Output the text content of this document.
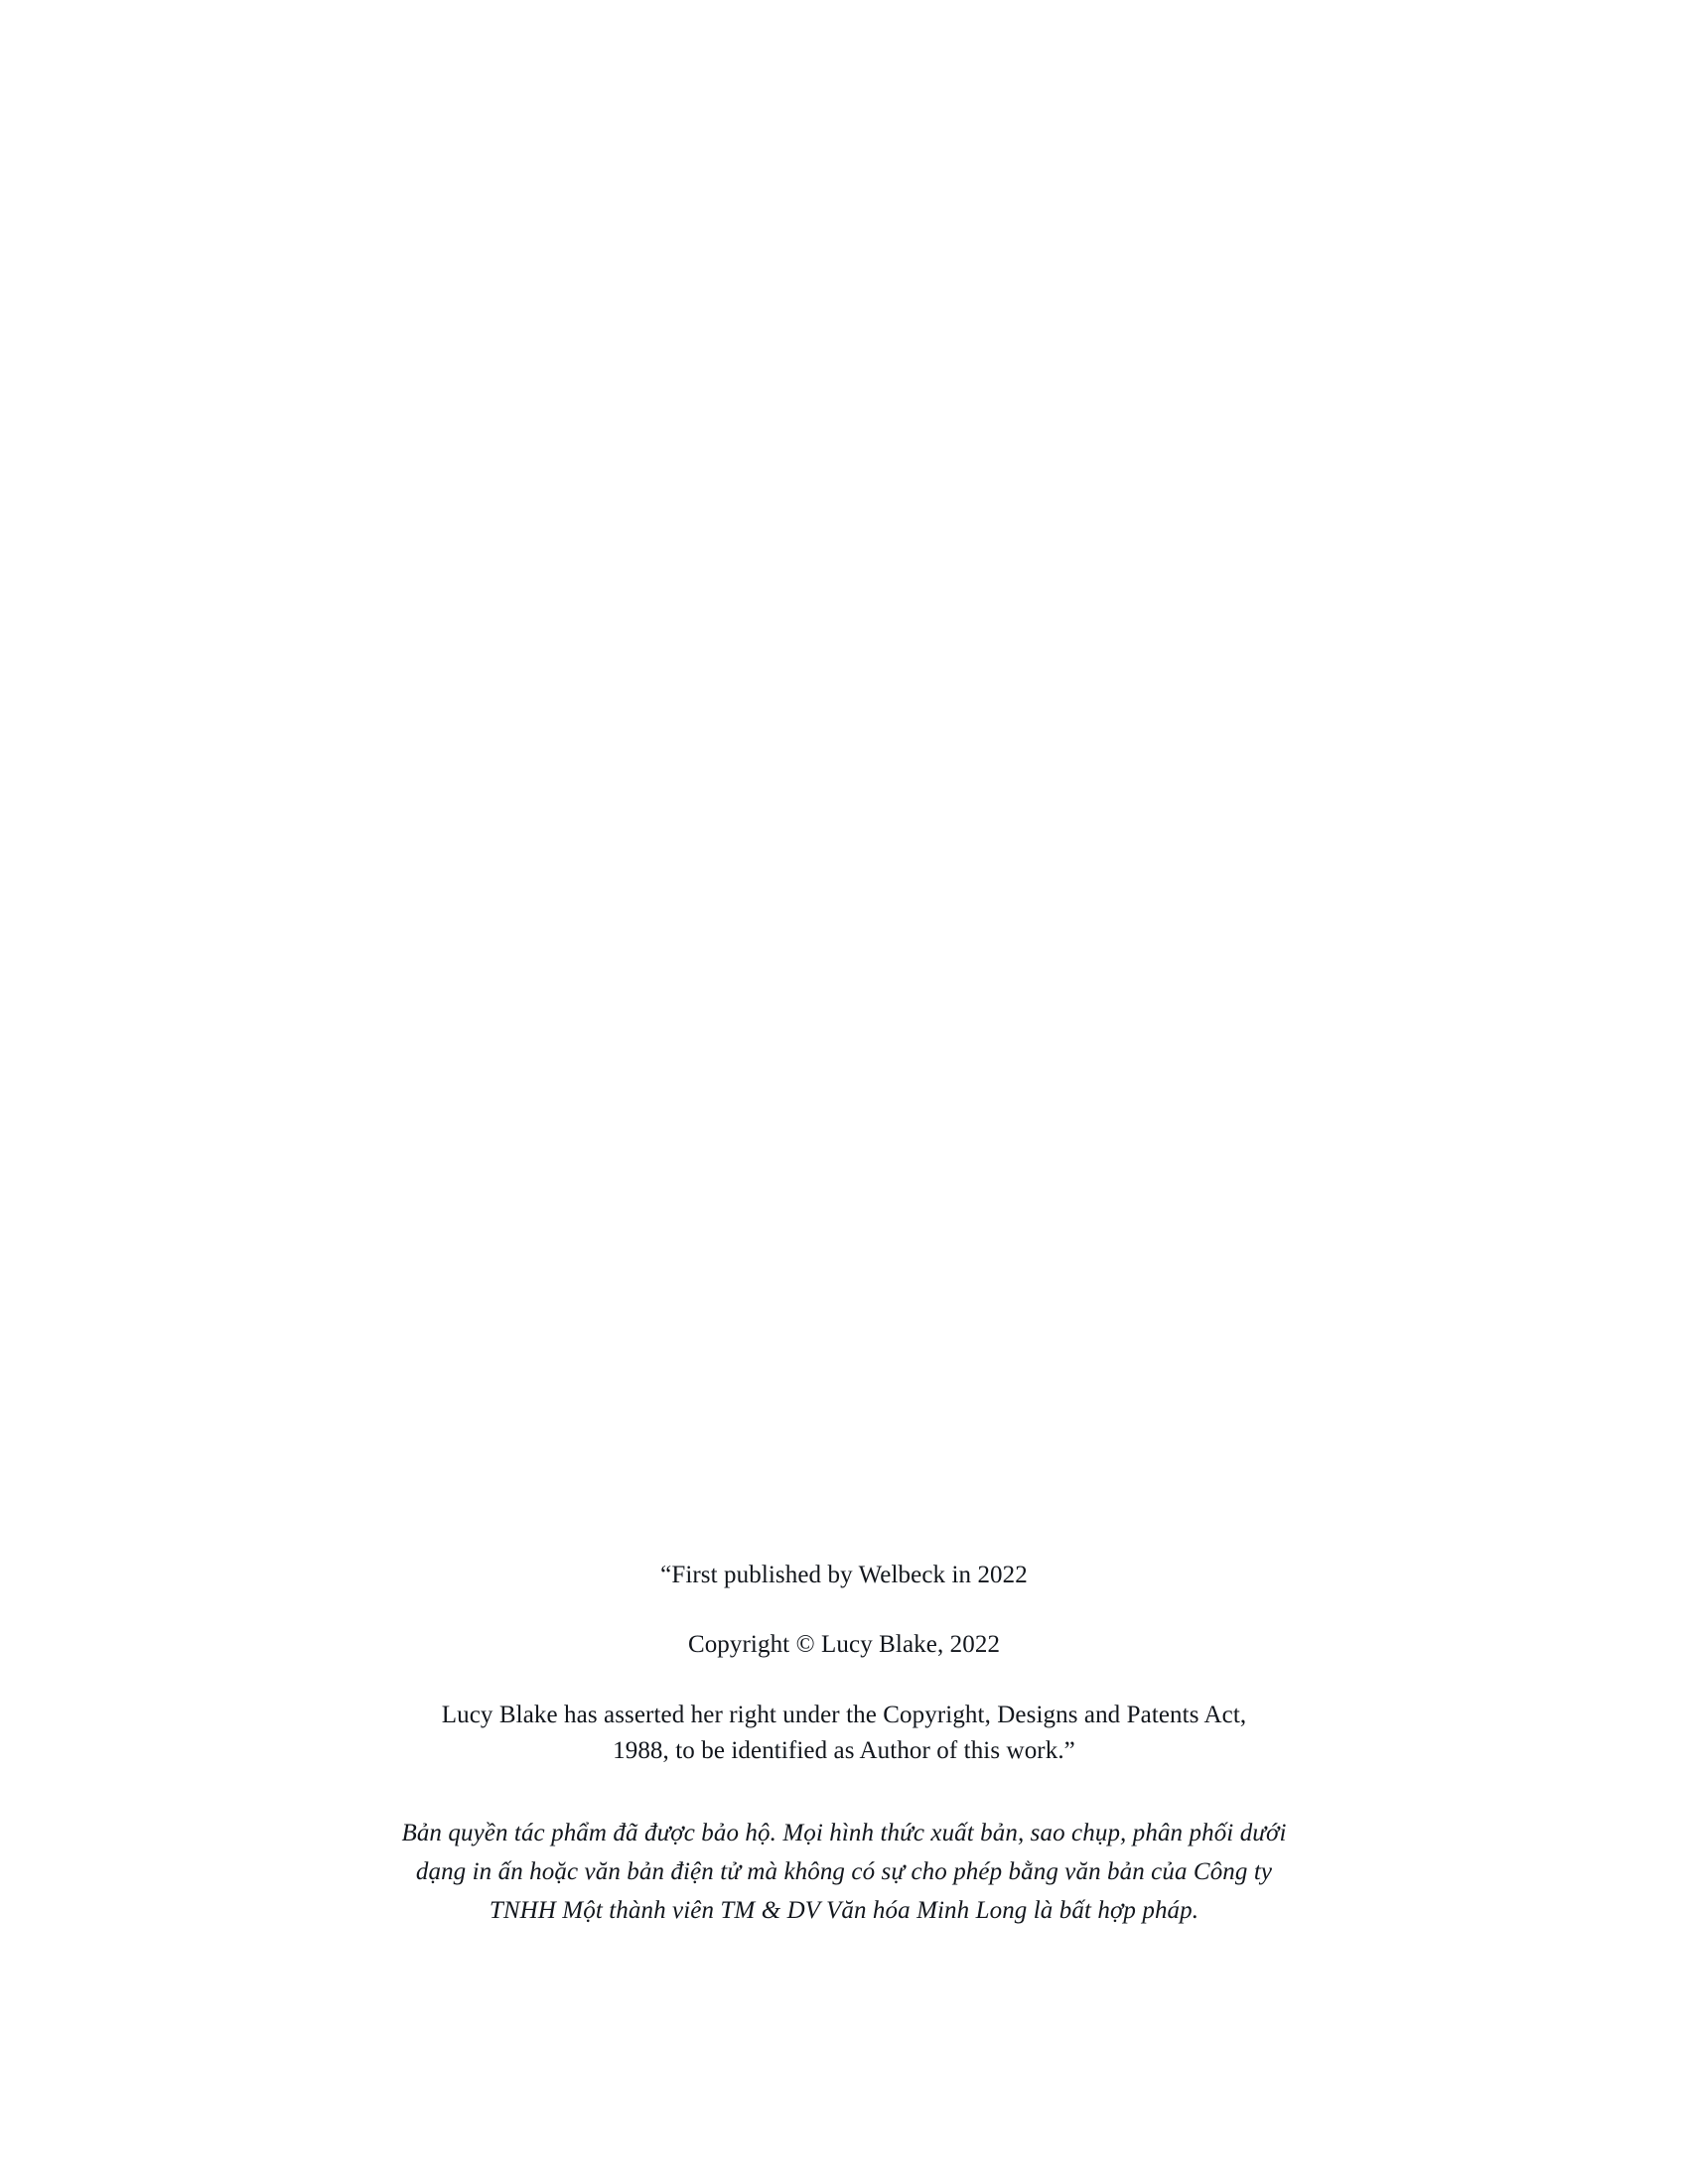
“First published by Welbeck in 2022
Copyright © Lucy Blake, 2022
Lucy Blake has asserted her right under the Copyright, Designs and Patents Act,
1988, to be identified as Author of this work.”
Bản quyền tác phẩm đã được bảo hộ. Mọi hình thức xuất bản, sao chụp, phân phối dưới
dạng in ấn hoặc văn bản điện tử mà không có sự cho phép bằng văn bản của Công ty
TNHH Một thành viên TM & DV Văn hóa Minh Long là bất hợp pháp.
